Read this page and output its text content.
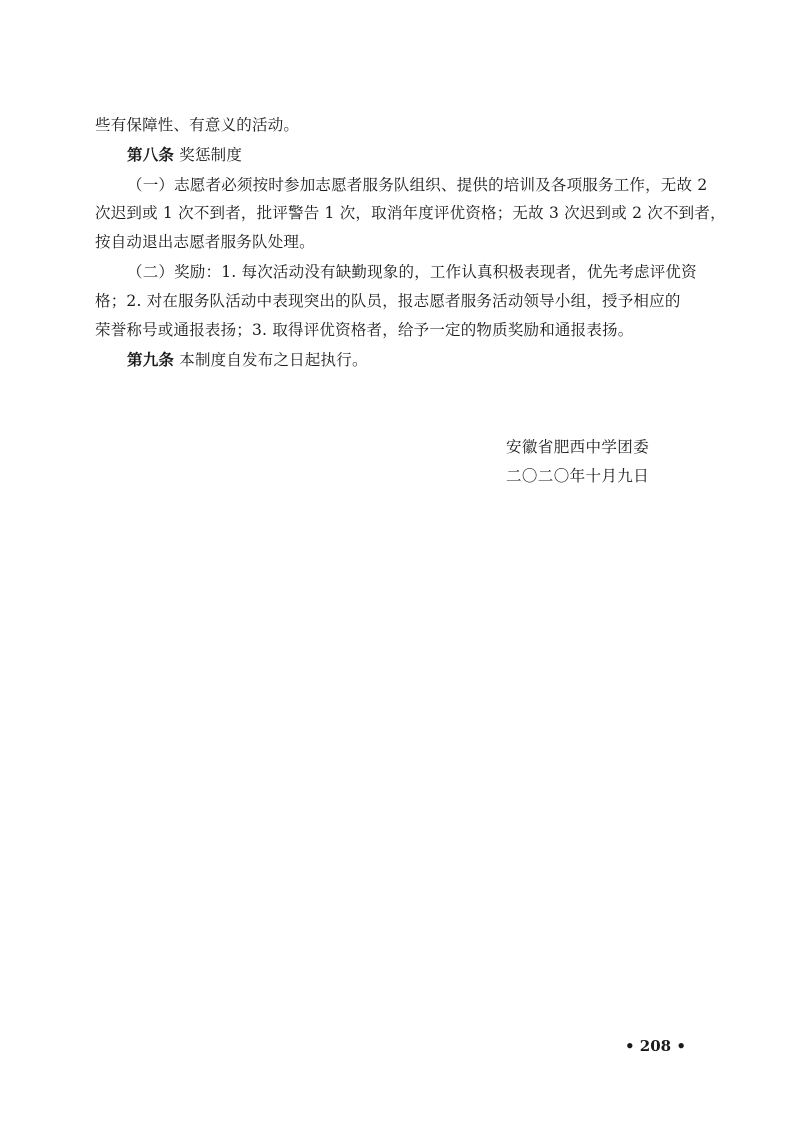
些有保障性、有意义的活动。
第八条 奖惩制度
（一）志愿者必须按时参加志愿者服务队组织、提供的培训及各项服务工作，无故 2
次迟到或 1 次不到者，批评警告 1 次，取消年度评优资格；无故 3 次迟到或 2 次不到者，
按自动退出志愿者服务队处理。
（二）奖励：1. 每次活动没有缺勤现象的，工作认真积极表现者，优先考虑评优资
格；2. 对在服务队活动中表现突出的队员，报志愿者服务活动领导小组，授予相应的
荣誉称号或通报表扬；3. 取得评优资格者，给予一定的物质奖励和通报表扬。
第九条 本制度自发布之日起执行。
安徽省肥西中学团委
二〇二〇年十月九日
• 208 •
